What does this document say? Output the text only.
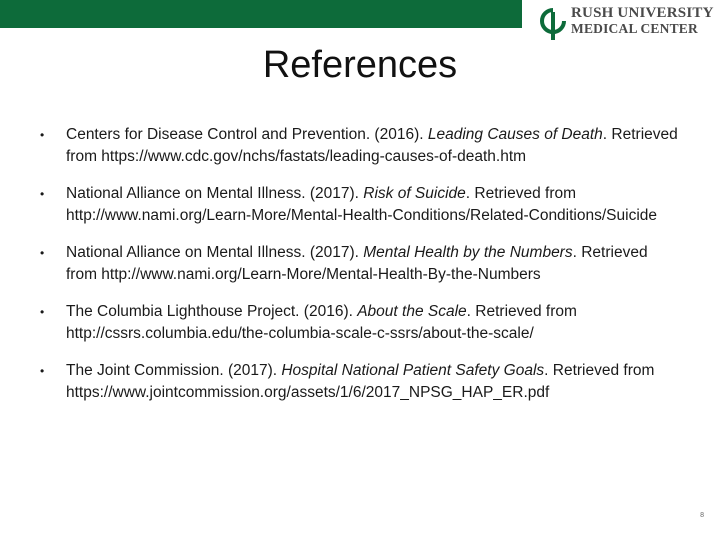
RUSH UNIVERSITY
MEDICAL CENTER
References
•	Centers for Disease Control and Prevention. (2016). Leading Causes of Death. Retrieved from https://www.cdc.gov/nchs/fastats/leading-causes-of-death.htm
•	National Alliance on Mental Illness. (2017). Risk of Suicide. Retrieved from http://www.nami.org/Learn-More/Mental-Health-Conditions/Related-Conditions/Suicide
•	National Alliance on Mental Illness. (2017). Mental Health by the Numbers. Retrieved from http://www.nami.org/Learn-More/Mental-Health-By-the-Numbers
•	The Columbia Lighthouse Project. (2016). About the Scale. Retrieved from http://cssrs.columbia.edu/the-columbia-scale-c-ssrs/about-the-scale/
•	The Joint Commission. (2017). Hospital National Patient Safety Goals. Retrieved from https://www.jointcommission.org/assets/1/6/2017_NPSG_HAP_ER.pdf
8
